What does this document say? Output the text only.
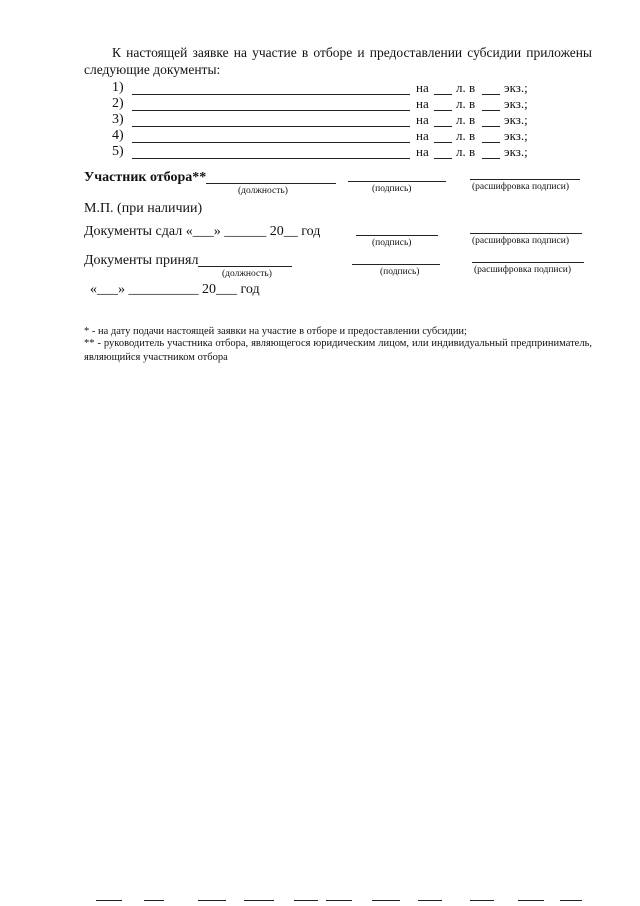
К настоящей заявке на участие в отборе и предоставлении субсидии приложены следующие документы:
1)	на л. в экз.;
2)	на л. в экз.;
3)	на л. в экз.;
4)	на л. в экз.;
5)	на л. в экз.;
Участник отбора**
(должность)	(подпись)	(расшифровка подписи)
М.П. (при наличии)
Документы сдал «___» ______ 20__ год
(подпись)	(расшифровка подписи)
Документы принял
(должность)	(подпись)	(расшифровка подписи)
«___» __________ 20___ год
* - на дату подачи настоящей заявки на участие в отборе и предоставлении субсидии;
** - руководитель участника отбора, являющегося юридическим лицом, или индивидуальный предприниматель, являющийся участником отбора
